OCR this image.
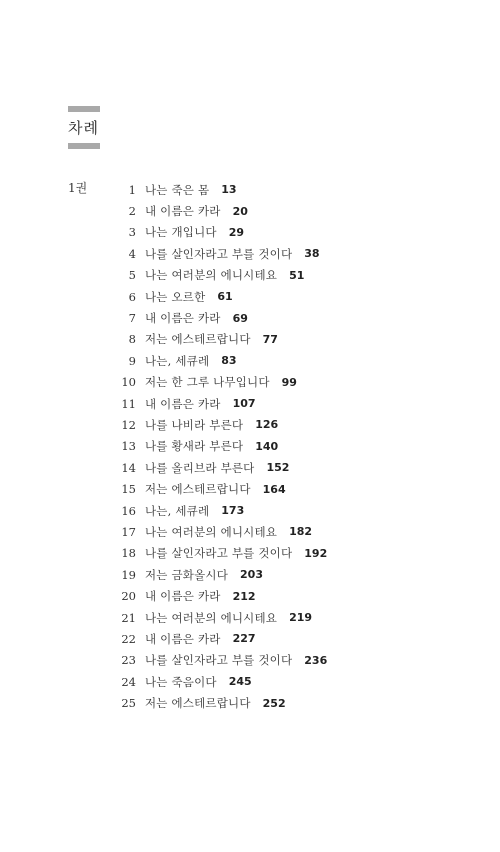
차례
1권	1 나는 죽은 몸 13
2 내 이름은 카라 20
3 나는 개입니다 29
4 나를 살인자라고 부를 것이다 38
5 나는 여러분의 에니시테요 51
6 나는 오르한 61
7 내 이름은 카라 69
8 저는 에스테르랍니다 77
9 나는, 세큐레 83
10 저는 한 그루 나무입니다 99
11 내 이름은 카라 107
12 나를 나비라 부른다 126
13 나를 황새라 부른다 140
14 나를 올리브라 부른다 152
15 저는 에스테르랍니다 164
16 나는, 세큐레 173
17 나는 여러분의 에니시테요 182
18 나를 살인자라고 부를 것이다 192
19 저는 금화올시다 203
20 내 이름은 카라 212
21 나는 여러분의 에니시테요 219
22 내 이름은 카라 227
23 나를 살인자라고 부를 것이다 236
24 나는 죽음이다 245
25 저는 에스테르랍니다 252
